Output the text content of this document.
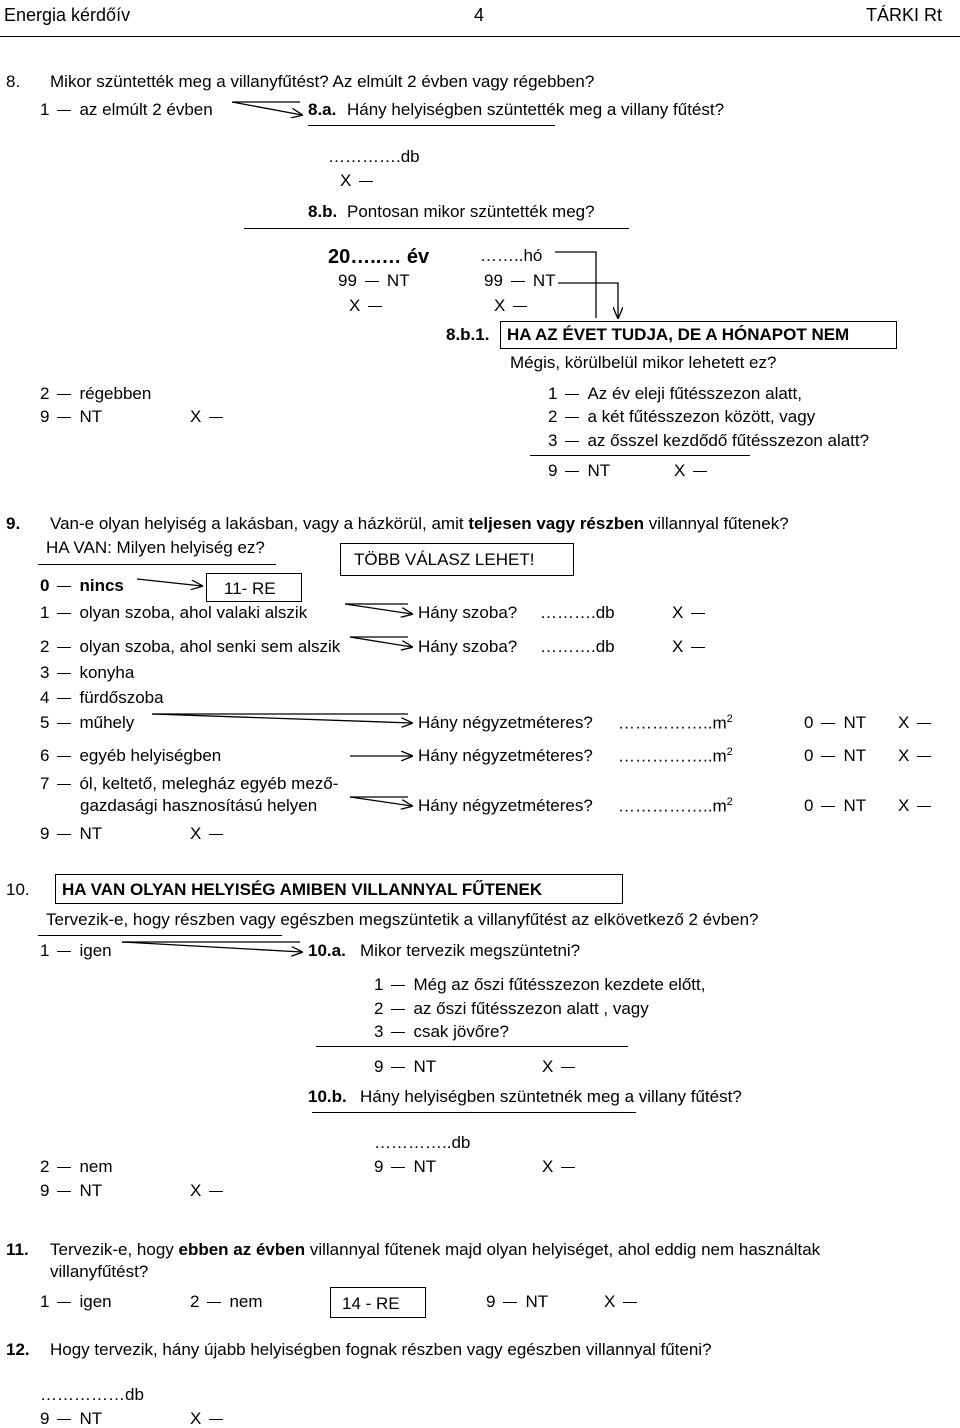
Energia kérdőív	4	TÁRKI Rt
8. Mikor szüntették meg a villanyfűtést? Az elmúlt 2 évben vagy régebben?
1 az elmúlt 2 évben	8.a. Hány helyiségben szüntették meg a villany fűtést?
………….db
X
8.b. Pontosan mikor szüntették meg?
20…..… év	……..hó
99 NT	99 NT
X	X
8.b.1. HA AZ ÉVET TUDJA, DE A HÓNAPOT NEM
Mégis, körülbelül mikor lehetett ez?
2 régebben
9 NT	X
1 Az év eleji fűtésszezon alatt,
2 a két fűtésszezon között, vagy
3 az ősszel kezdődő fűtésszezon alatt?
9 NT	X
9. Van-e olyan helyiség a lakásban, vagy a házkörül, amit teljesen vagy részben villannyal fűtenek?
HA VAN: Milyen helyiség ez?
TÖBB VÁLASZ LEHET!
0 nincs	11- RE
1 olyan szoba, ahol valaki alszik	Hány szoba? ……….db	X
2 olyan szoba, ahol senki sem alszik	Hány szoba? ……….db	X
3 konyha
4 fürdőszoba
5 műhely	Hány négyzetméteres? $\dots\dots\dots\dots\dots..m^2$	0 NT X
6 egyéb helyiségben	Hány négyzetméteres? $\dots\dots\dots\dots\dots..m^2$	0 NT X
7 ól, keltető, melegház egyéb mező-
gazdasági hasznosítású helyen	Hány négyzetméteres? $\dots\dots\dots\dots\dots..m^2$	0 NT X
9 NT	X
10. HA VAN OLYAN HELYISÉG AMIBEN VILLANNYAL FŰTENEK
Tervezik-e, hogy részben vagy egészben megszüntetik a villanyfűtést az elkövetkező 2 évben?
1 igen	10.a. Mikor tervezik megszüntetni?
1 Még az őszi fűtésszezon kezdete előtt,
2 az őszi fűtésszezon alatt , vagy
3 csak jövőre?
9 NT	X
10.b. Hány helyiségben szüntetnék meg a villany fűtést?
…………..db
9 NT	X
2 nem
9 NT	X
11. Tervezik-e, hogy ebben az évben villannyal fűtenek majd olyan helyiséget, ahol eddig nem használtak
villanyfűtést?
1 igen	2 nem	14 - RE	9 NT	X
12. Hogy tervezik, hány újabb helyiségben fognak részben vagy egészben villannyal fűteni?
……………db
9 NT	X
